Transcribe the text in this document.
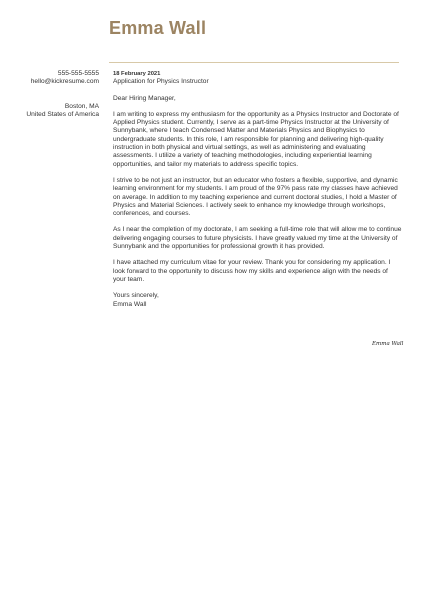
Emma Wall
555-555-5555
hello@kickresume.com
Boston, MA
United States of America
18 February 2021
Application for Physics Instructor
Dear Hiring Manager,

I am writing to express my enthusiasm for the opportunity as a Physics Instructor and Doctorate of Applied Physics student. Currently, I serve as a part-time Physics Instructor at the University of Sunnybank, where I teach Condensed Matter and Materials Physics and Biophysics to undergraduate students. In this role, I am responsible for planning and delivering high-quality instruction in both physical and virtual settings, as well as administering and evaluating assessments. I utilize a variety of teaching methodologies, including experiential learning opportunities, and tailor my materials to address specific topics.

I strive to be not just an instructor, but an educator who fosters a flexible, supportive, and dynamic learning environment for my students. I am proud of the 97% pass rate my classes have achieved on average. In addition to my teaching experience and current doctoral studies, I hold a Master of Physics and Material Sciences. I actively seek to enhance my knowledge through workshops, conferences, and courses.

As I near the completion of my doctorate, I am seeking a full-time role that will allow me to continue delivering engaging courses to future physicists. I have greatly valued my time at the University of Sunnybank and the opportunities for professional growth it has provided.

I have attached my curriculum vitae for your review. Thank you for considering my application. I look forward to the opportunity to discuss how my skills and experience align with the needs of your team.

Yours sincerely,
Emma Wall
Emma Wall
